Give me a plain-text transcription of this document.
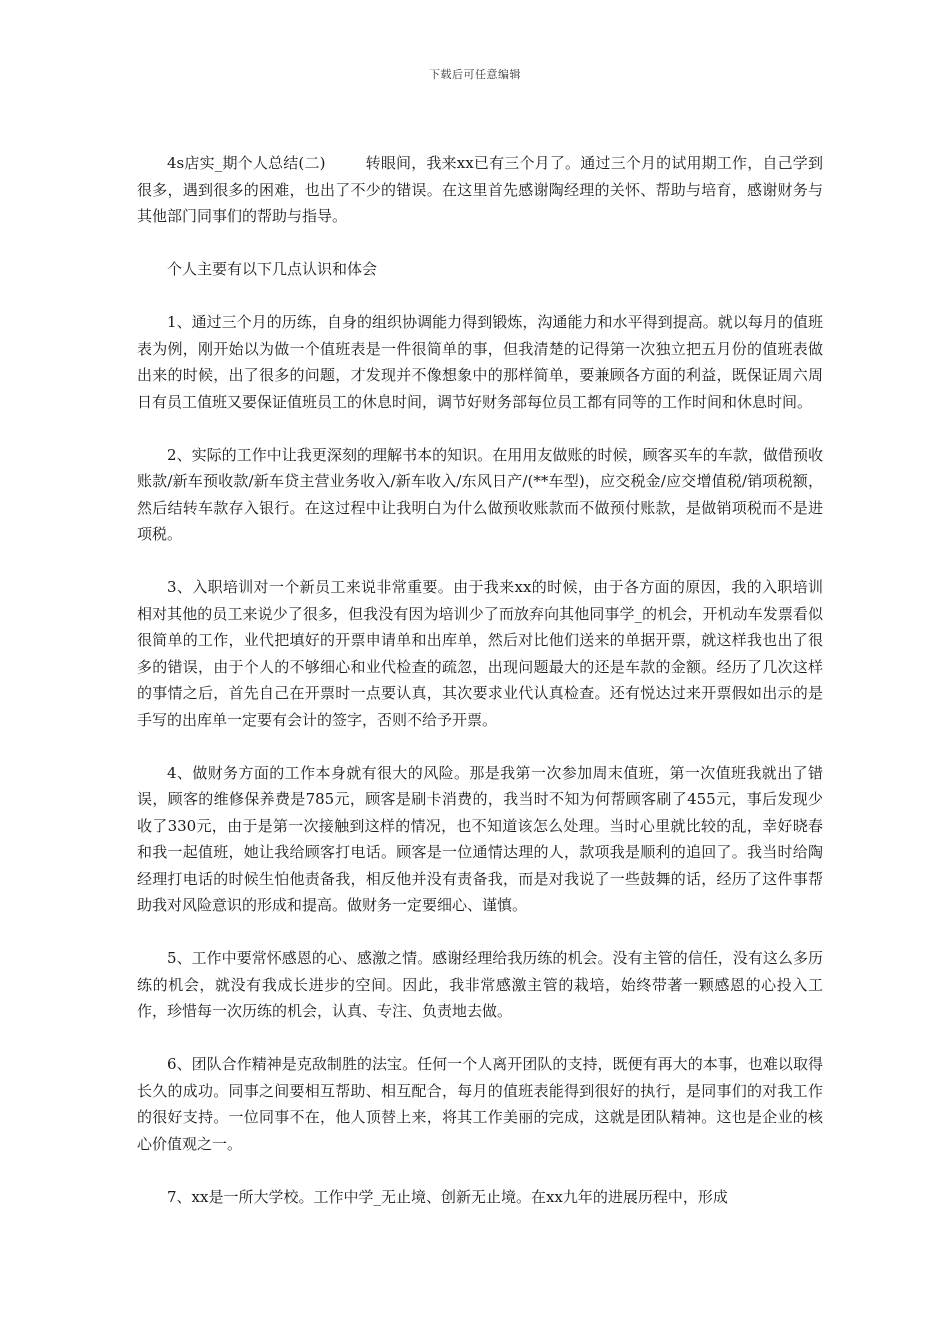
下载后可任意编辑

4s店实_期个人总结(二)	转眼间，我来xx已有三个月了。通过三个月的试用期工作，自己学到很多，遇到很多的困难，也出了不少的错误。在这里首先感谢陶经理的关怀、帮助与培育，感谢财务与其他部门同事们的帮助与指导。

个人主要有以下几点认识和体会

1、通过三个月的历练，自身的组织协调能力得到锻炼，沟通能力和水平得到提高。就以每月的值班表为例，刚开始以为做一个值班表是一件很简单的事，但我清楚的记得第一次独立把五月份的值班表做出来的时候，出了很多的问题，才发现并不像想象中的那样简单，要兼顾各方面的利益，既保证周六周日有员工值班又要保证值班员工的休息时间，调节好财务部每位员工都有同等的工作时间和休息时间。

2、实际的工作中让我更深刻的理解书本的知识。在用用友做账的时候，顾客买车的车款，做借预收账款/新车预收款/新车贷主营业务收入/新车收入/东风日产/(**车型)，应交税金/应交增值税/销项税额，然后结转车款存入银行。在这过程中让我明白为什么做预收账款而不做预付账款，是做销项税而不是进项税。

3、入职培训对一个新员工来说非常重要。由于我来xx的时候，由于各方面的原因，我的入职培训相对其他的员工来说少了很多，但我没有因为培训少了而放弃向其他同事学_的机会，开机动车发票看似很简单的工作，业代把填好的开票申请单和出库单，然后对比他们送来的单据开票，就这样我也出了很多的错误，由于个人的不够细心和业代检查的疏忽，出现问题最大的还是车款的金额。经历了几次这样的事情之后，首先自己在开票时一点要认真，其次要求业代认真检查。还有悦达过来开票假如出示的是手写的出库单一定要有会计的签字，否则不给予开票。

4、做财务方面的工作本身就有很大的风险。那是我第一次参加周末值班，第一次值班我就出了错误，顾客的维修保养费是785元，顾客是刷卡消费的，我当时不知为何帮顾客刷了455元，事后发现少收了330元，由于是第一次接触到这样的情况，也不知道该怎么处理。当时心里就比较的乱，幸好晓春和我一起值班，她让我给顾客打电话。顾客是一位通情达理的人，款项我是顺利的追回了。我当时给陶经理打电话的时候生怕他责备我，相反他并没有责备我，而是对我说了一些鼓舞的话，经历了这件事帮助我对风险意识的形成和提高。做财务一定要细心、谨慎。

5、工作中要常怀感恩的心、感激之情。感谢经理给我历练的机会。没有主管的信任，没有这么多历练的机会，就没有我成长进步的空间。因此，我非常感激主管的栽培，始终带著一颗感恩的心投入工作，珍惜每一次历练的机会，认真、专注、负责地去做。

6、团队合作精神是克敌制胜的法宝。任何一个人离开团队的支持，既便有再大的本事，也难以取得长久的成功。同事之间要相互帮助、相互配合，每月的值班表能得到很好的执行，是同事们的对我工作的很好支持。一位同事不在，他人顶替上来，将其工作美丽的完成，这就是团队精神。这也是企业的核心价值观之一。

7、xx是一所大学校。工作中学_无止境、创新无止境。在xx九年的进展历程中，形成
